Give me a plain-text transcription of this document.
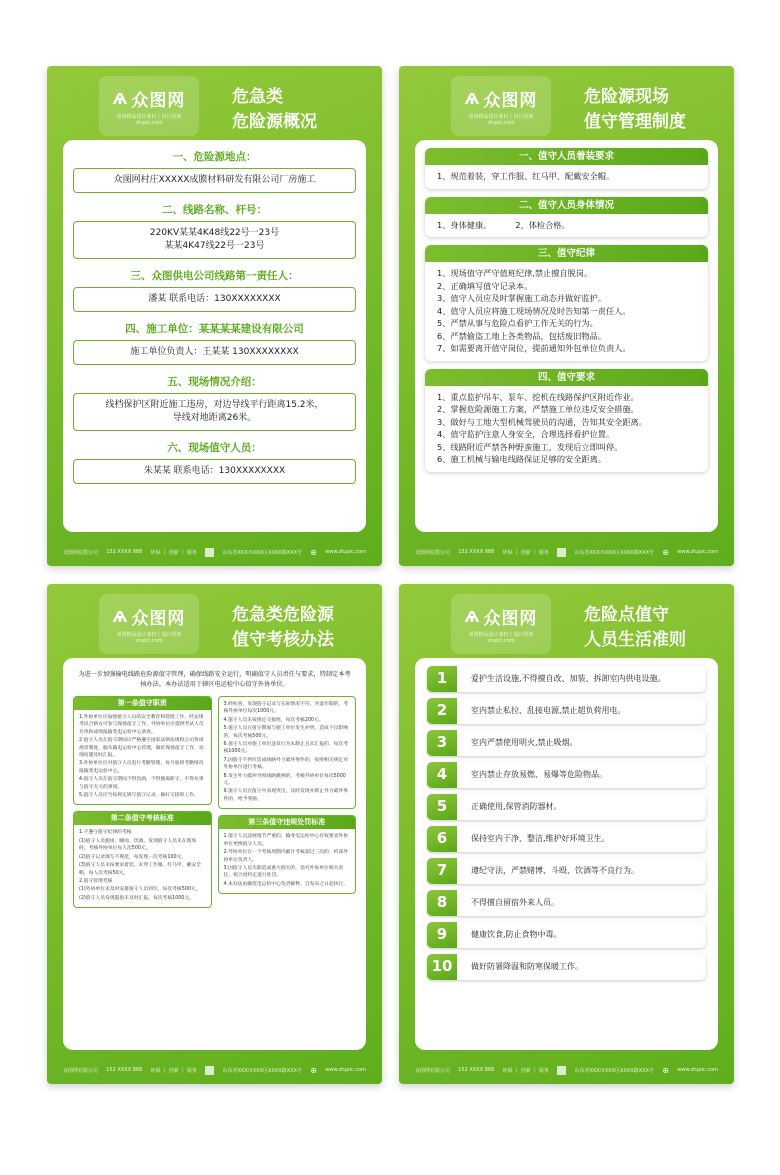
Ѧ 众图网
原创精品设计素材丨每日更新
ztupic.com
危急类
危险源概况
一、危险源地点：
众图网村庄XXXXX成膜材料研发有限公司厂房施工
二、线路名称、杆号：
220KV某某4K48线22号一23号
某某4K47线22号一23号
三、众图供电公司线路第一责任人：
潘某 联系电话：130XXXXXXXX
四、施工单位：某某某某建设有限公司
施工单位负责人：王某某 130XXXXXXXX
五、现场情况介绍：
线档保护区附近施工违房，对边导线平行距离15.2米，
导线对地距离26米。
六、现场值守人员：
朱某某 联系电话：130XXXXXXXX
众图网有限公司 152 XXXX 888 环保 丨 创新 丨 服务	山东省XXX市XXX区XXXX路XXX号 ⊕ www.ztupic.com
Ѧ 众图网
原创精品设计素材丨每日更新
ztupic.com
危险源现场
值守管理制度
一、值守人员着装要求
1、规范着装，穿工作服、红马甲、配戴安全帽。
二、值守人员身体情况
1、身体健康。	2、体检合格。
三、值守纪律
1、现场值守严守值班纪律,禁止擅自脱岗。
2、正确填写值守记录本。
3、值守人员应及时掌握施工动态并做好监护。
4、值守人员应将施工现场情况及时告知第一责任人。
5、严禁从事与危险点看护工作无关的行为。
6、严禁偷盗工地上各类物品，包括废旧物品。
7、如需要离开值守岗位，提前通知外包单位负责人。
四、值守要求
1、重点监护吊车、泵车、挖机在线路保护区附近作业。
2、掌握危险源施工方案，严禁施工单位违反安全措施。
3、做好与工地大型机械驾驶员的沟通，告知其安全距离。
4、值守监护注意人身安全，合理选择看护位置。
5、线路附近严禁各种野蛮施工，发现后立即叫停。
6、施工机械与输电线路保证足够的安全距离。
众图网有限公司 152 XXXX 888 环保 丨 创新 丨 服务	山东省XXX市XXX区XXXX路XXX号 ⊕ www.ztupic.com
Ѧ 众图网
原创精品设计素材丨每日更新
ztupic.com
危急类危险源
值守考核办法
为进一步加强输电线路危险源值守管理，确保线路安全运行，明确值守人员责任与要求，特制定本考核办法。本办法适用于辖区电运检中心值守外协单位。
第一条值守职责

1.外协单位应加强值守人员的安全教育和管理工作，经安规考试合格方可参与现场值守工作。外协单位应提供考试人员名单和成绩报输变电运检中心备查。

2.值守人员在值守期间应严格遵守国家法律法规和公司各项规章制度，服从输电运检中心管理，做好现场值守工作，发现问题及时汇报。

3.外协单位应对值守人员进行考勤管理，每月底将考勤情况报输变电运检中心。

4.值守人员在值守期间不得饮酒，不得擅离职守，不得从事与值守无关的事项。

5.值守人员应当按规定填写值守记录，做好交接班工作。

第二条值守考核标准

1.不遵守值守纪律的考核

(1)值守人员脱岗、睡岗、饮酒，发现值守人员未在现场时，考核外协单位每人次500元。

(2)值守记录填写不规范，每发现一次考核100元。

(3)值守人员未按要求着装，未穿工作服、红马甲、戴安全帽，每人次考核50元。

2.值守管理考核

(1)外协单位未及时安排值守人员到位，每次考核500元。

(2)值守人员发现隐患未及时汇报，每次考核1000元。

3.经检查，发现值守记录与实际情况不符，弄虚作假的，考核外协单位每次1000元。

4.值守人员未按规定交接班，每次考核200元。

5.值守人员在值守期间与施工单位发生冲突，造成不良影响的，每次考核500元。

6.值守人员对施工单位违章行为未制止且未汇报的，每次考核1000元。

7.因值守不到位造成线路外力破坏事件的，按照相关规定对外协单位进行考核。

8.发生外力破坏导致线路跳闸的，考核外协单位每次5000元。

9.值守人员在值守中表现突出，及时发现并制止外力破坏事件的，给予奖励。

第三条值守违规处罚标准

1.值守人员违规情节严重的，输变电运检中心有权要求外协单位更换值守人员。

2.外协单位在一个考核周期内累计考核超过三次的，约谈外协单位负责人。

3.因值守人员失职造成重大损失的，追究外协单位相关责任，按合同约定进行处罚。

4.本办法由输变电运检中心负责解释，自发布之日起执行。

众图网有限公司 152 XXXX 888 环保 丨 创新 丨 服务	山东省XXX市XXX区XXXX路XXX号 ⊕ www.ztupic.com
Ѧ 众图网
原创精品设计素材丨每日更新
ztupic.com
危险点值守
人员生活准则
1	爱护生活设施,不得擅自改、加装、拆卸室内供电设施。
2	室内禁止私拉、乱接电源,禁止超负荷用电。
3	室内严禁使用明火,禁止吸烟。
4	室内禁止存放易燃、易爆等危险物品。
5	正确使用,保管消防器材。
6	保持室内干净、整洁,维护好环境卫生。
7	遵纪守法，严禁赌博、斗殴、饮酒等不良行为。
8	不得擅自留宿外来人员。
9	健康饮食,防止食物中毒。
10	做好防暑降温和防寒保暖工作。
众图网有限公司 152 XXXX 888 环保 丨 创新 丨 服务	山东省XXX市XXX区XXXX路XXX号 ⊕ www.ztupic.com
